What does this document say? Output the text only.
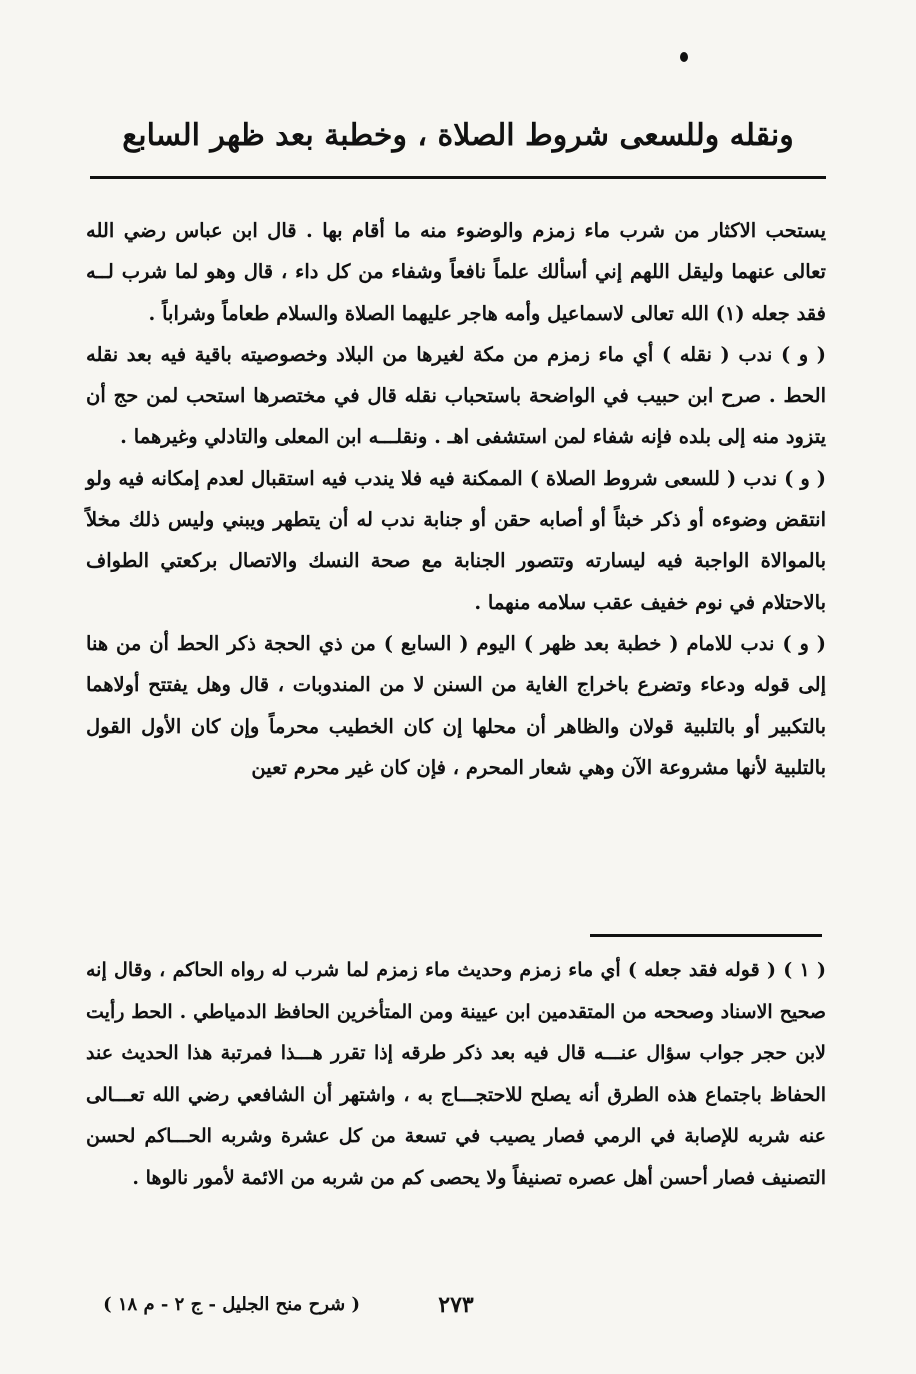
ونقله وللسعى شروط الصلاة ، وخطبة بعد ظهر السابع

يستحب الاكثار من شرب ماء زمزم والوضوء منه ما أقام بها . قال ابن عباس رضي الله تعالى عنهما وليقل اللهم إني أسألك علماً نافعاً وشفاء من كل داء ، قال وهو لما شرب لــه فقد جعله (١) الله تعالى لاسماعيل وأمه هاجر عليهما الصلاة والسلام طعاماً وشراباً .

( و ) ندب ( نقله ) أي ماء زمزم من مكة لغيرها من البلاد وخصوصيته باقية فيه بعد نقله الحط . صرح ابن حبيب في الواضحة باستحباب نقله قال في مختصرها استحب لمن حج أن يتزود منه إلى بلده فإنه شفاء لمن استشفى اهـ . ونقلـــه ابن المعلى والتادلي وغيرهما .

( و ) ندب ( للسعى شروط الصلاة ) الممكنة فيه فلا يندب فيه استقبال لعدم إمكانه فيه ولو انتقض وضوءه أو ذكر خبثاً أو أصابه حقن أو جنابة ندب له أن يتطهر ويبني وليس ذلك مخلاً بالموالاة الواجبة فيه ليسارته وتتصور الجنابة مع صحة النسك والاتصال بركعتي الطواف بالاحتلام في نوم خفيف عقب سلامه منهما .

( و ) ندب للامام ( خطبة بعد ظهر ) اليوم ( السابع ) من ذي الحجة ذكر الحط أن من هنا إلى قوله ودعاء وتضرع باخراج الغاية من السنن لا من المندوبات ، قال وهل يفتتح أولاهما بالتكبير أو بالتلبية قولان والظاهر أن محلها إن كان الخطيب محرماً وإن كان الأول القول بالتلبية لأنها مشروعة الآن وهي شعار المحرم ، فإن كان غير محرم تعين

( ١ ) ( قوله فقد جعله ) أي ماء زمزم وحديث ماء زمزم لما شرب له رواه الحاكم ، وقال إنه صحيح الاسناد وصححه من المتقدمين ابن عيينة ومن المتأخرين الحافظ الدمياطي . الحط رأيت لابن حجر جواب سؤال عنـــه قال فيه بعد ذكر طرقه إذا تقرر هـــذا فمرتبة هذا الحديث عند الحفاظ باجتماع هذه الطرق أنه يصلح للاحتجـــاج به ، واشتهر أن الشافعي رضي الله تعـــالى عنه شربه للإصابة في الرمي فصار يصيب في تسعة من كل عشرة وشربه الحـــاكم لحسن التصنيف فصار أحسن أهل عصره تصنيفاً ولا يحصى كم من شربه من الائمة لأمور نالوها .

٢٧٣
( شرح منح الجليل - ج ٢ - م ١٨ )
